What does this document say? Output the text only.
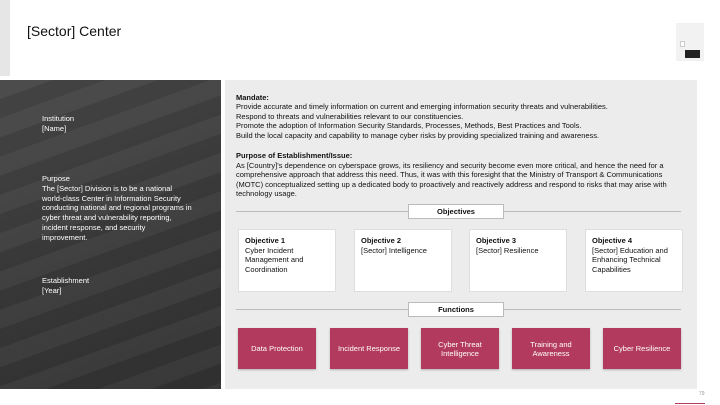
[Sector] Center
Institution
[Name]
Purpose
The [Sector] Division is to be a national world-class Center in Information Security conducting national and regional programs in cyber threat and vulnerability reporting, incident response, and security improvement.
Establishment
[Year]
Mandate:
Provide accurate and timely information on current and emerging information security threats and vulnerabilities.
Respond to threats and vulnerabilities relevant to our constituencies.
Promote the adoption of Information Security Standards, Processes, Methods, Best Practices and Tools.
Build the local capacity and capability to manage cyber risks by providing specialized training and awareness.
Purpose of Establishment/Issue:
As [Country]'s dependence on cyberspace grows, its resiliency and security become even more critical, and hence the need for a comprehensive approach that address this need. Thus, it was with this foresight that the Ministry of Transport & Communications (MOTC) conceptualized setting up a dedicated body to proactively and reactively address and respond to risks that may arise with technology usage.
Objectives
Objective 1
Cyber Incident Management and Coordination
Objective 2
[Sector] Intelligence
Objective 3
[Sector] Resilience
Objective 4
[Sector] Education and Enhancing Technical Capabilities
Functions
Data Protection	Incident Response	Cyber Threat Intelligence
Training and Awareness	Cyber Resilience
79
